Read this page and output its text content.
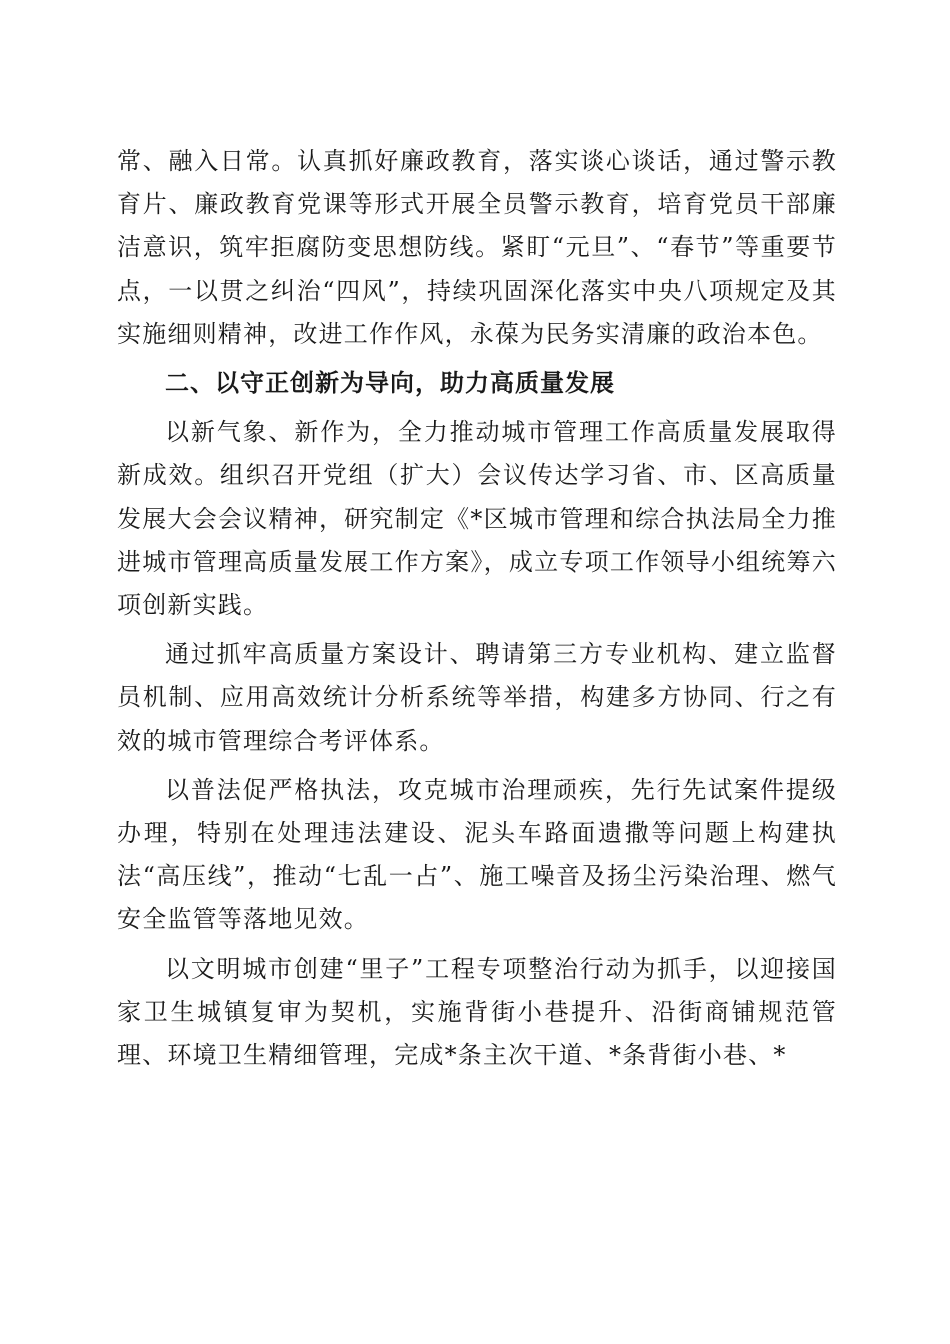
常、融入日常。认真抓好廉政教育，落实谈心谈话，通过警示教育片、廉政教育党课等形式开展全员警示教育，培育党员干部廉洁意识，筑牢拒腐防变思想防线。紧盯“元旦”、“春节”等重要节点，一以贯之纠治“四风”，持续巩固深化落实中央八项规定及其实施细则精神，改进工作作风，永葆为民务实清廉的政治本色。

二、以守正创新为导向，助力高质量发展

以新气象、新作为，全力推动城市管理工作高质量发展取得新成效。组织召开党组（扩大）会议传达学习省、市、区高质量发展大会会议精神，研究制定《*区城市管理和综合执法局全力推进城市管理高质量发展工作方案》，成立专项工作领导小组统筹六项创新实践。

通过抓牢高质量方案设计、聘请第三方专业机构、建立监督员机制、应用高效统计分析系统等举措，构建多方协同、行之有效的城市管理综合考评体系。

以普法促严格执法，攻克城市治理顽疾，先行先试案件提级办理，特别在处理违法建设、泥头车路面遗撒等问题上构建执法“高压线”，推动“七乱一占”、施工噪音及扬尘污染治理、燃气安全监管等落地见效。

以文明城市创建“里子”工程专项整治行动为抓手，以迎接国家卫生城镇复审为契机，实施背街小巷提升、沿街商铺规范管理、环境卫生精细管理，完成*条主次干道、*条背街小巷、*
